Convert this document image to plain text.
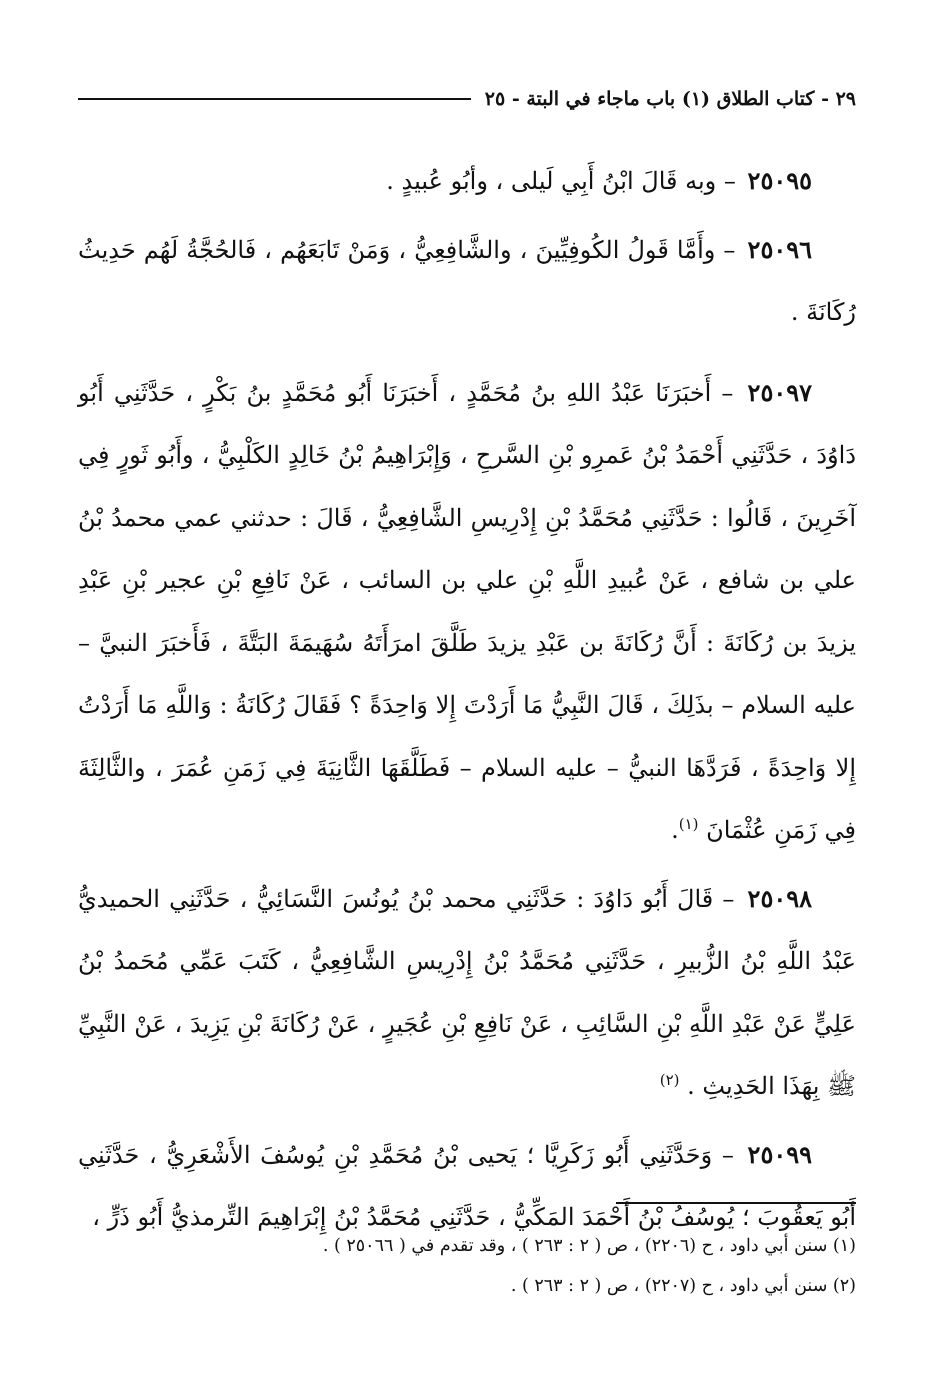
٢٩ - كتاب الطلاق (١) باب ماجاء في البتة - ٢٥

٢٥٠٩٥ – وبه قَالَ ابْنُ أَبِي لَيلى ، وأبُو عُبيدٍ .

٢٥٠٩٦ – وأَمَّا قَولُ الكُوفِيِّينَ ، والشَّافِعِيُّ ، وَمَنْ تَابَعَهُم ، فَالحُجَّةُ لَهُم حَدِيثُ رُكَانَةَ .

٢٥٠٩٧ – أَخبَرَنَا عَبْدُ اللهِ بنُ مُحَمَّدٍ ، أَخبَرَنَا أَبُو مُحَمَّدٍ بنُ بَكْرٍ ، حَدَّثَنِي أَبُو دَاوُدَ ، حَدَّثَنِي أَحْمَدُ بْنُ عَمرِو بْنِ السَّرحِ ، وَإِبْرَاهِيمُ بْنُ خَالِدٍ الكَلْبِيُّ ، وأَبُو ثَورٍ فِي آخَرِينَ ، قَالُوا : حَدَّثَنِي مُحَمَّدُ بْنِ إِدْرِيسِ الشَّافِعِيُّ ، قَالَ : حدثني عمي محمدُ بْنُ علي بن شافع ، عَنْ عُبيدِ اللَّهِ بْنِ علي بن السائب ، عَنْ نَافِعِ بْنِ عجير بْنِ عَبْدِ يزيدَ بن رُكَانَةَ : أَنَّ رُكَانَةَ بن عَبْدِ يزيدَ طَلَّقَ امرَأَتَهُ سُهَيمَةَ البَتَّةَ ، فَأَخبَرَ النبيَّ – عليه السلام – بذَلِكَ ، قَالَ النَّبِيُّ مَا أَرَدْتَ إِلا وَاحِدَةً ؟ فَقَالَ رُكَانَةُ : وَاللَّهِ مَا أَرَدْتُ إِلا وَاحِدَةً ، فَرَدَّهَا النبيُّ – عليه السلام – فَطَلَّقَهَا الثَّانِيَةَ فِي زَمَنِ عُمَرَ ، والثَّالِثَةَ فِي زَمَنِ عُثْمَانَ $^{(١)}$.

٢٥٠٩٨ – قَالَ أَبُو دَاوُدَ : حَدَّثَنِي محمد بْنُ يُونُسَ النَّسَائِيُّ ، حَدَّثَنِي الحميديُّ عَبْدُ اللَّهِ بْنُ الزُّبيرِ ، حَدَّثَنِي مُحَمَّدُ بْنُ إِدْرِيسِ الشَّافِعِيُّ ، كَتَبَ عَمِّي مُحَمدُ بْنُ عَلِيٍّ عَنْ عَبْدِ اللَّهِ بْنِ السَّائِبِ ، عَنْ نَافِعِ بْنِ عُجَيرٍ ، عَنْ رُكَانَةَ بْنِ يَزِيدَ ، عَنْ النَّبِيِّ ﷺ بِهَذَا الحَدِيثِ . $^{(٢)}$

٢٥٠٩٩ – وَحَدَّثَنِي أَبُو زَكَرِيَّا ؛ يَحيى بْنُ مُحَمَّدِ بْنِ يُوسُفَ الأَشْعَرِيُّ ، حَدَّثَنِي أَبُو يَعقُوبَ ؛ يُوسُفُ بْنُ أَحْمَدَ المَكِّيُّ ، حَدَّثَنِي مُحَمَّدُ بْنُ إِبْرَاهِيمَ التِّرمذيُّ أَبُو ذَرٍّ ،

(١) سنن أبي داود ، ح (٢٢٠٦) ، ص ( ٢ : ٢٦٣ ) ، وقد تقدم في ( ٢٥٠٦٦ ) .

(٢) سنن أبي داود ، ح (٢٢٠٧) ، ص ( ٢ : ٢٦٣ ) .
